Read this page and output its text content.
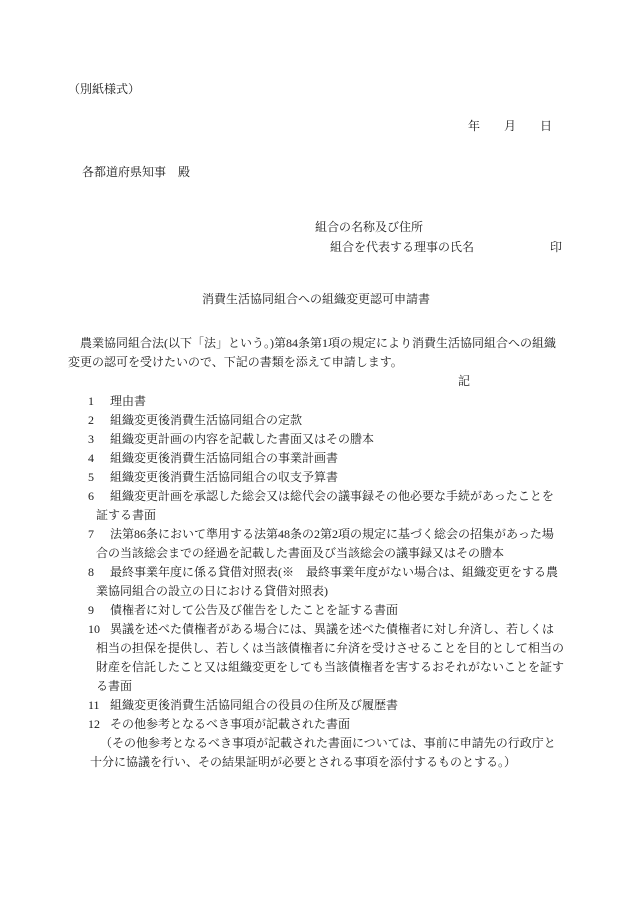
（別紙様式）
年　　月　　日
各都道府県知事　殿
組合の名称及び住所
組合を代表する理事の氏名	印
消費生活協同組合への組織変更認可申請書

農業協同組合法(以下「法」という。)第84条第1項の規定により消費生活協同組合への組織変更の認可を受けたいので、下記の書類を添えて申請します。

記
1	理由書
2	組織変更後消費生活協同組合の定款
3	組織変更計画の内容を記載した書面又はその謄本
4	組織変更後消費生活協同組合の事業計画書
5	組織変更後消費生活協同組合の収支予算書
6	組織変更計画を承認した総会又は総代会の議事録その他必要な手続があったことを証する書面
7	法第86条において準用する法第48条の2第2項の規定に基づく総会の招集があった場合の当該総会までの経過を記載した書面及び当該総会の議事録又はその謄本
8	最終事業年度に係る貸借対照表(※　最終事業年度がない場合は、組織変更をする農業協同組合の設立の日における貸借対照表)
9	債権者に対して公告及び催告をしたことを証する書面
10 異議を述べた債権者がある場合には、異議を述べた債権者に対し弁済し、若しくは相当の担保を提供し、若しくは当該債権者に弁済を受けさせることを目的として相当の財産を信託したこと又は組織変更をしても当該債権者を害するおそれがないことを証する書面
11 組織変更後消費生活協同組合の役員の住所及び履歴書
12 その他参考となるべき事項が記載された書面

（その他参考となるべき事項が記載された書面については、事前に申請先の行政庁と十分に協議を行い、その結果証明が必要とされる事項を添付するものとする。）
